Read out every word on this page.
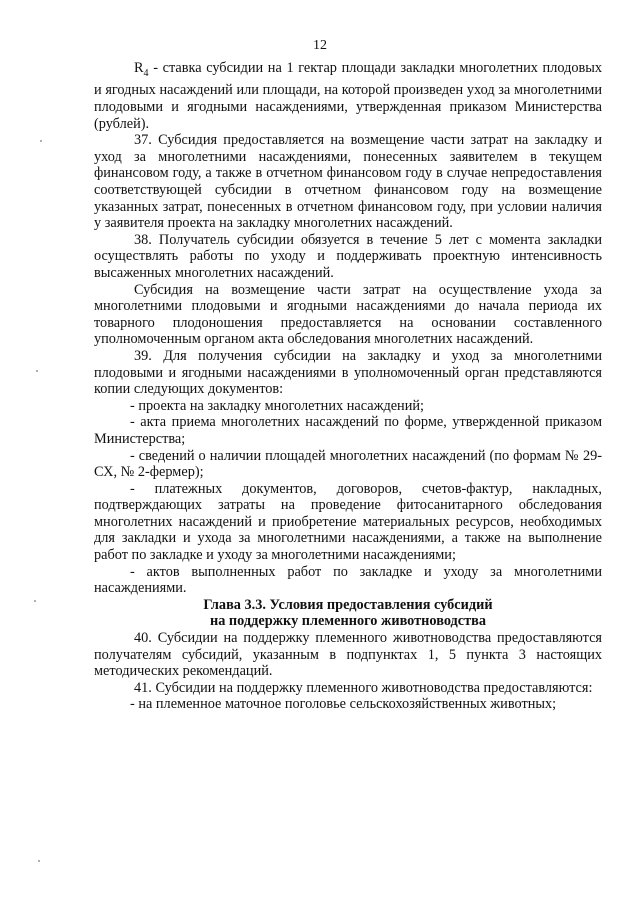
12

$R_4$ - ставка субсидии на 1 гектар площади закладки многолетних плодовых и ягодных насаждений или площади, на которой произведен уход за многолетними плодовыми и ягодными насаждениями, утвержденная приказом Министерства (рублей).

37. Субсидия предоставляется на возмещение части затрат на закладку и уход за многолетними насаждениями, понесенных заявителем в текущем финансовом году, а также в отчетном финансовом году в случае непредоставления соответствующей субсидии в отчетном финансовом году на возмещение указанных затрат, понесенных в отчетном финансовом году, при условии наличия у заявителя проекта на закладку многолетних насаждений.

38. Получатель субсидии обязуется в течение 5 лет с момента закладки осуществлять работы по уходу и поддерживать проектную интенсивность высаженных многолетних насаждений.

Субсидия на возмещение части затрат на осуществление ухода за многолетними плодовыми и ягодными насаждениями до начала периода их товарного плодоношения предоставляется на основании составленного уполномоченным органом акта обследования многолетних насаждений.

39. Для получения субсидии на закладку и уход за многолетними плодовыми и ягодными насаждениями в уполномоченный орган представляются копии следующих документов:

- проекта на закладку многолетних насаждений;

- акта приема многолетних насаждений по форме, утвержденной приказом Министерства;

- сведений о наличии площадей многолетних насаждений (по формам № 29-СХ, № 2-фермер);

- платежных документов, договоров, счетов-фактур, накладных, подтверждающих затраты на проведение фитосанитарного обследования многолетних насаждений и приобретение материальных ресурсов, необходимых для закладки и ухода за многолетними насаждениями, а также на выполнение работ по закладке и уходу за многолетними насаждениями;

- актов выполненных работ по закладке и уходу за многолетними насаждениями.

Глава 3.3. Условия предоставления субсидий
на поддержку племенного животноводства

40. Субсидии на поддержку племенного животноводства предоставляются получателям субсидий, указанным в подпунктах 1, 5 пункта 3 настоящих методических рекомендаций.

41. Субсидии на поддержку племенного животноводства предоставляются:

- на племенное маточное поголовье сельскохозяйственных животных;
